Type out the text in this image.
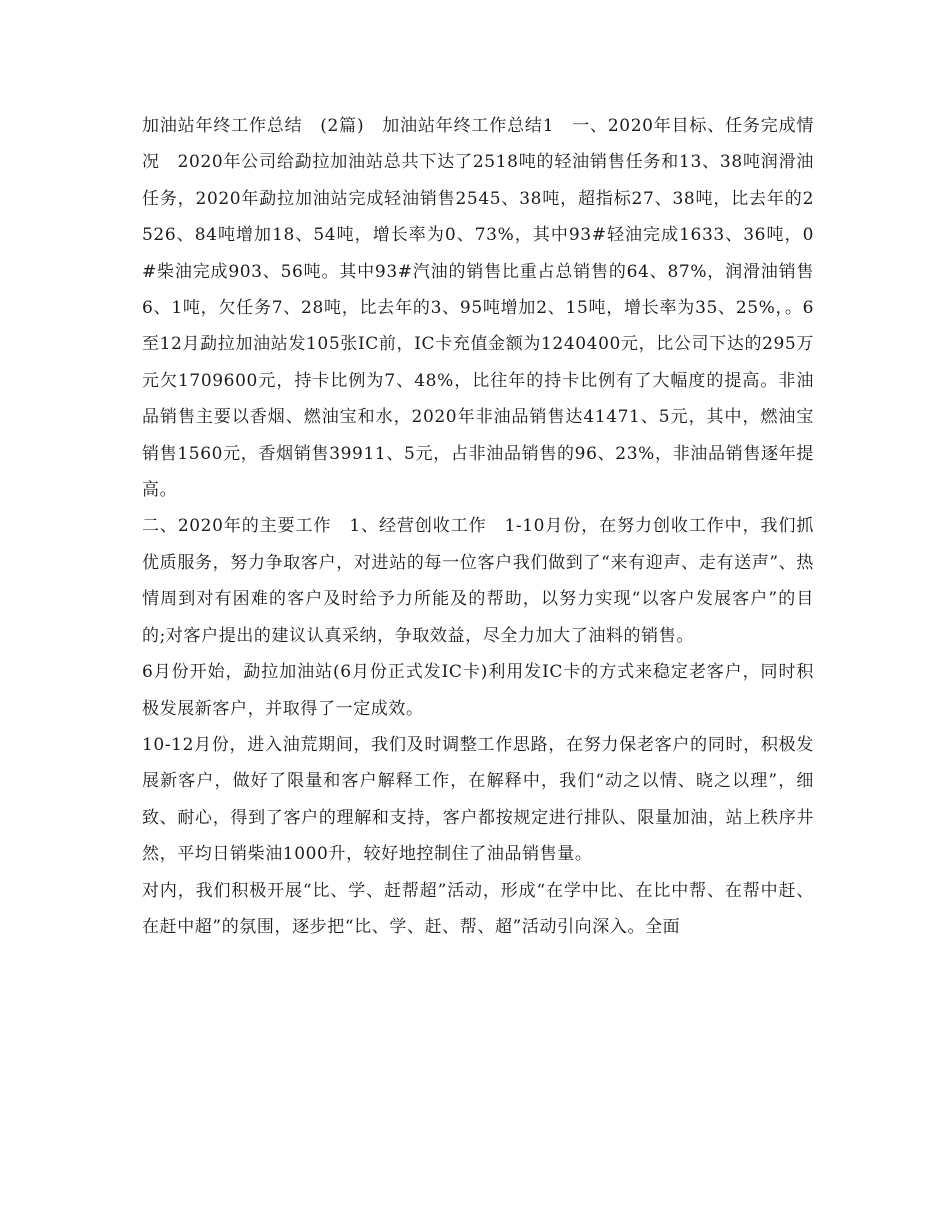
加油站年终工作总结　(2篇)　加油站年终工作总结1　一、2020年目标、任务完成情况　2020年公司给勐拉加油站总共下达了2518吨的轻油销售任务和13、38吨润滑油任务，2020年勐拉加油站完成轻油销售2545、38吨，超指标27、38吨，比去年的2526、84吨增加18、54吨，增长率为0、73%，其中93#轻油完成1633、36吨，0#柴油完成903、56吨。其中93#汽油的销售比重占总销售的64、87%，润滑油销售6、1吨，欠任务7、28吨，比去年的3、95吨增加2、15吨，增长率为35、25%，。6至12月勐拉加油站发105张IC前，IC卡充值金额为1240400元，比公司下达的295万元欠1709600元，持卡比例为7、48%，比往年的持卡比例有了大幅度的提高。非油品销售主要以香烟、燃油宝和水，2020年非油品销售达41471、5元，其中，燃油宝销售1560元，香烟销售39911、5元，占非油品销售的96、23%，非油品销售逐年提高。

二、2020年的主要工作　1、经营创收工作　1-10月份，在努力创收工作中，我们抓优质服务，努力争取客户，对进站的每一位客户我们做到了“来有迎声、走有送声”、热情周到对有困难的客户及时给予力所能及的帮助，以努力实现“以客户发展客户”的目的;对客户提出的建议认真采纳，争取效益，尽全力加大了油料的销售。

6月份开始，勐拉加油站(6月份正式发IC卡)利用发IC卡的方式来稳定老客户，同时积极发展新客户，并取得了一定成效。

10-12月份，进入油荒期间，我们及时调整工作思路，在努力保老客户的同时，积极发展新客户，做好了限量和客户解释工作，在解释中，我们“动之以情、晓之以理”，细致、耐心，得到了客户的理解和支持，客户都按规定进行排队、限量加油，站上秩序井然，平均日销柴油1000升，较好地控制住了油品销售量。

对内，我们积极开展“比、学、赶帮超”活动，形成“在学中比、在比中帮、在帮中赶、在赶中超”的氛围，逐步把“比、学、赶、帮、超”活动引向深入。全面
